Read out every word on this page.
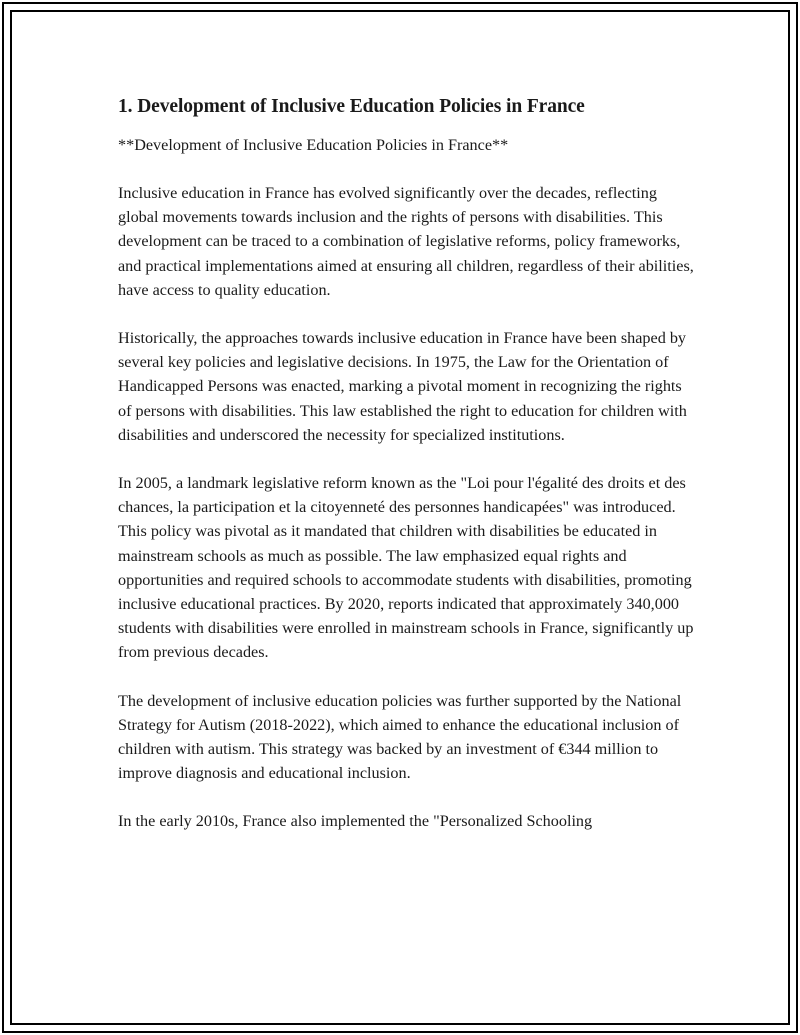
1. Development of Inclusive Education Policies in France

**Development of Inclusive Education Policies in France**

Inclusive education in France has evolved significantly over the decades, reflecting global movements towards inclusion and the rights of persons with disabilities. This development can be traced to a combination of legislative reforms, policy frameworks, and practical implementations aimed at ensuring all children, regardless of their abilities, have access to quality education.

Historically, the approaches towards inclusive education in France have been shaped by several key policies and legislative decisions. In 1975, the Law for the Orientation of Handicapped Persons was enacted, marking a pivotal moment in recognizing the rights of persons with disabilities. This law established the right to education for children with disabilities and underscored the necessity for specialized institutions.

In 2005, a landmark legislative reform known as the "Loi pour l'égalité des droits et des chances, la participation et la citoyenneté des personnes handicapées" was introduced. This policy was pivotal as it mandated that children with disabilities be educated in mainstream schools as much as possible. The law emphasized equal rights and opportunities and required schools to accommodate students with disabilities, promoting inclusive educational practices. By 2020, reports indicated that approximately 340,000 students with disabilities were enrolled in mainstream schools in France, significantly up from previous decades.

The development of inclusive education policies was further supported by the National Strategy for Autism (2018-2022), which aimed to enhance the educational inclusion of children with autism. This strategy was backed by an investment of €344 million to improve diagnosis and educational inclusion.

In the early 2010s, France also implemented the "Personalized Schooling
